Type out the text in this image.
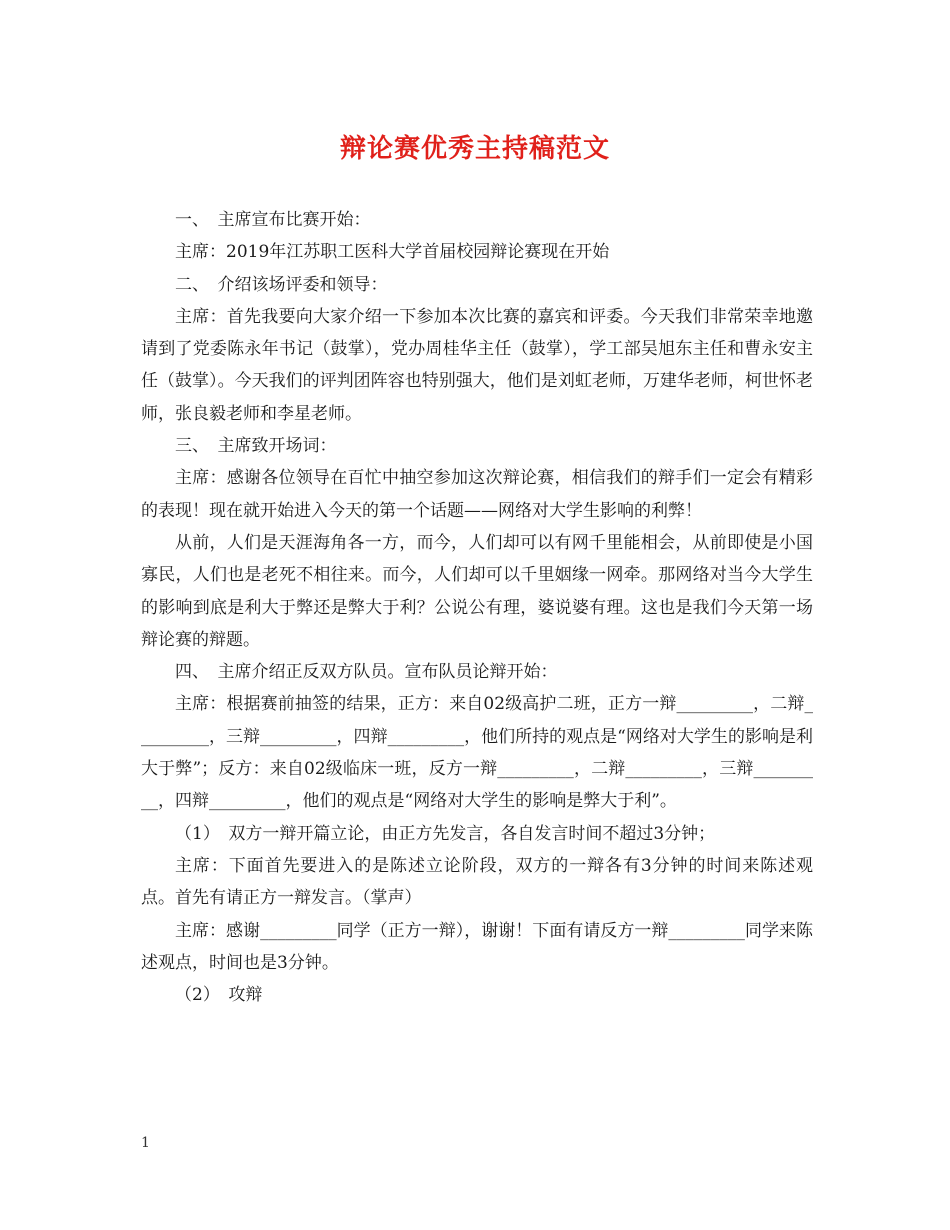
辩论赛优秀主持稿范文

一、　主席宣布比赛开始：

主席：2019年江苏职工医科大学首届校园辩论赛现在开始

二、　介绍该场评委和领导：

主席：首先我要向大家介绍一下参加本次比赛的嘉宾和评委。今天我们非常荣幸地邀请到了党委陈永年书记（鼓掌），党办周桂华主任（鼓掌），学工部吴旭东主任和曹永安主任（鼓掌）。今天我们的评判团阵容也特别强大，他们是刘虹老师，万建华老师，柯世怀老师，张良毅老师和李星老师。

三、　主席致开场词：

主席：感谢各位领导在百忙中抽空参加这次辩论赛，相信我们的辩手们一定会有精彩的表现！现在就开始进入今天的第一个话题——网络对大学生影响的利弊！

从前，人们是天涯海角各一方，而今，人们却可以有网千里能相会，从前即使是小国寡民，人们也是老死不相往来。而今，人们却可以千里姻缘一网牵。那网络对当今大学生的影响到底是利大于弊还是弊大于利？公说公有理，婆说婆有理。这也是我们今天第一场辩论赛的辩题。

四、　主席介绍正反双方队员。宣布队员论辩开始：

主席：根据赛前抽签的结果，正方：来自02级高护二班，正方一辩_________，二辩_________，三辩_________，四辩_________，他们所持的观点是“网络对大学生的影响是利大于弊”；反方：来自02级临床一班，反方一辩_________，二辩_________，三辩_________，四辩_________，他们的观点是“网络对大学生的影响是弊大于利”。

（1）　双方一辩开篇立论，由正方先发言，各自发言时间不超过3分钟；

主席：下面首先要进入的是陈述立论阶段，双方的一辩各有3分钟的时间来陈述观点。首先有请正方一辩发言。（掌声）

主席：感谢_________同学（正方一辩），谢谢！下面有请反方一辩_________同学来陈述观点，时间也是3分钟。

（2）　攻辩

1
